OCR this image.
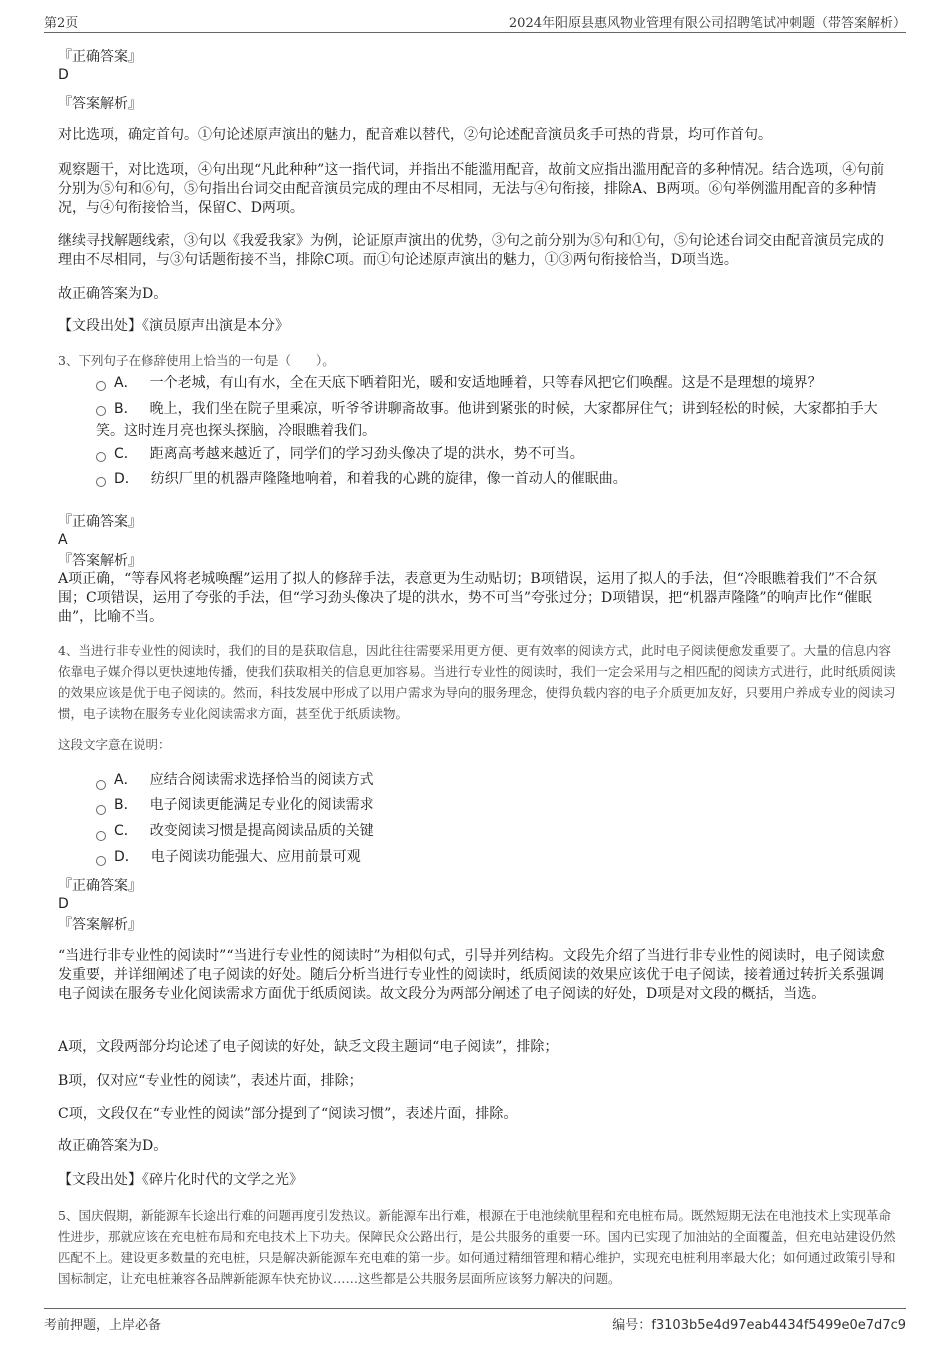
第2页	2024年阳原县惠风物业管理有限公司招聘笔试冲刺题（带答案解析）
『正确答案』
D
『答案解析』
对比选项，确定首句。①句论述原声演出的魅力，配音难以替代，②句论述配音演员炙手可热的背景，均可作首句。
观察题干，对比选项，④句出现“凡此种种”这一指代词，并指出不能滥用配音，故前文应指出滥用配音的多种情况。结合选项，④句前分别为⑤句和⑥句，⑤句指出台词交由配音演员完成的理由不尽相同，无法与④句衔接，排除A、B两项。⑥句举例滥用配音的多种情况，与④句衔接恰当，保留C、D两项。
继续寻找解题线索，③句以《我爱我家》为例，论证原声演出的优势，③句之前分别为⑤句和①句，⑤句论述台词交由配音演员完成的理由不尽相同，与③句话题衔接不当，排除C项。而①句论述原声演出的魅力，①③两句衔接恰当，D项当选。
故正确答案为D。
【文段出处】《演员原声出演是本分》
3、下列句子在修辞使用上恰当的一句是（　　）。
A． 一个老城，有山有水，全在天底下晒着阳光，暖和安适地睡着，只等春风把它们唤醒。这是不是理想的境界？
B． 晚上，我们坐在院子里乘凉，听爷爷讲聊斋故事。他讲到紧张的时候，大家都屏住气；讲到轻松的时候，大家都拍手大笑。这时连月亮也探头探脑，冷眼瞧着我们。
C． 距离高考越来越近了，同学们的学习劲头像决了堤的洪水，势不可当。
D． 纺织厂里的机器声隆隆地响着，和着我的心跳的旋律，像一首动人的催眠曲。
『正确答案』
A
『答案解析』
A项正确，“等春风将老城唤醒”运用了拟人的修辞手法，表意更为生动贴切；B项错误，运用了拟人的手法，但“冷眼瞧着我们”不合氛围；C项错误，运用了夸张的手法，但“学习劲头像决了堤的洪水，势不可当”夸张过分；D项错误，把“机器声隆隆”的响声比作“催眠曲”，比喻不当。
4、当进行非专业性的阅读时，我们的目的是获取信息，因此往往需要采用更方便、更有效率的阅读方式，此时电子阅读便愈发重要了。大量的信息内容依靠电子媒介得以更快速地传播，使我们获取相关的信息更加容易。当进行专业性的阅读时，我们一定会采用与之相匹配的阅读方式进行，此时纸质阅读的效果应该是优于电子阅读的。然而，科技发展中形成了以用户需求为导向的服务理念，使得负载内容的电子介质更加友好，只要用户养成专业的阅读习惯，电子读物在服务专业化阅读需求方面，甚至优于纸质读物。
这段文字意在说明：
A． 应结合阅读需求选择恰当的阅读方式
B． 电子阅读更能满足专业化的阅读需求
C． 改变阅读习惯是提高阅读品质的关键
D． 电子阅读功能强大、应用前景可观
『正确答案』
D
『答案解析』
“当进行非专业性的阅读时”“当进行专业性的阅读时”为相似句式，引导并列结构。文段先介绍了当进行非专业性的阅读时，电子阅读愈发重要，并详细阐述了电子阅读的好处。随后分析当进行专业性的阅读时，纸质阅读的效果应该优于电子阅读，接着通过转折关系强调电子阅读在服务专业化阅读需求方面优于纸质阅读。故文段分为两部分阐述了电子阅读的好处，D项是对文段的概括，当选。
A项，文段两部分均论述了电子阅读的好处，缺乏文段主题词“电子阅读”，排除；
B项，仅对应“专业性的阅读”，表述片面，排除；
C项，文段仅在“专业性的阅读”部分提到了“阅读习惯”，表述片面，排除。
故正确答案为D。
【文段出处】《碎片化时代的文学之光》
5、国庆假期，新能源车长途出行难的问题再度引发热议。新能源车出行难，根源在于电池续航里程和充电桩布局。既然短期无法在电池技术上实现革命性进步，那就应该在充电桩布局和充电技术上下功夫。保障民众公路出行，是公共服务的重要一环。国内已实现了加油站的全面覆盖，但充电站建设仍然匹配不上。建设更多数量的充电桩，只是解决新能源车充电难的第一步。如何通过精细管理和精心维护，实现充电桩利用率最大化；如何通过政策引导和国标制定，让充电桩兼容各品牌新能源车快充协议……这些都是公共服务层面所应该努力解决的问题。
考前押题，上岸必备	编号：f3103b5e4d97eab4434f5499e0e7d7c9
